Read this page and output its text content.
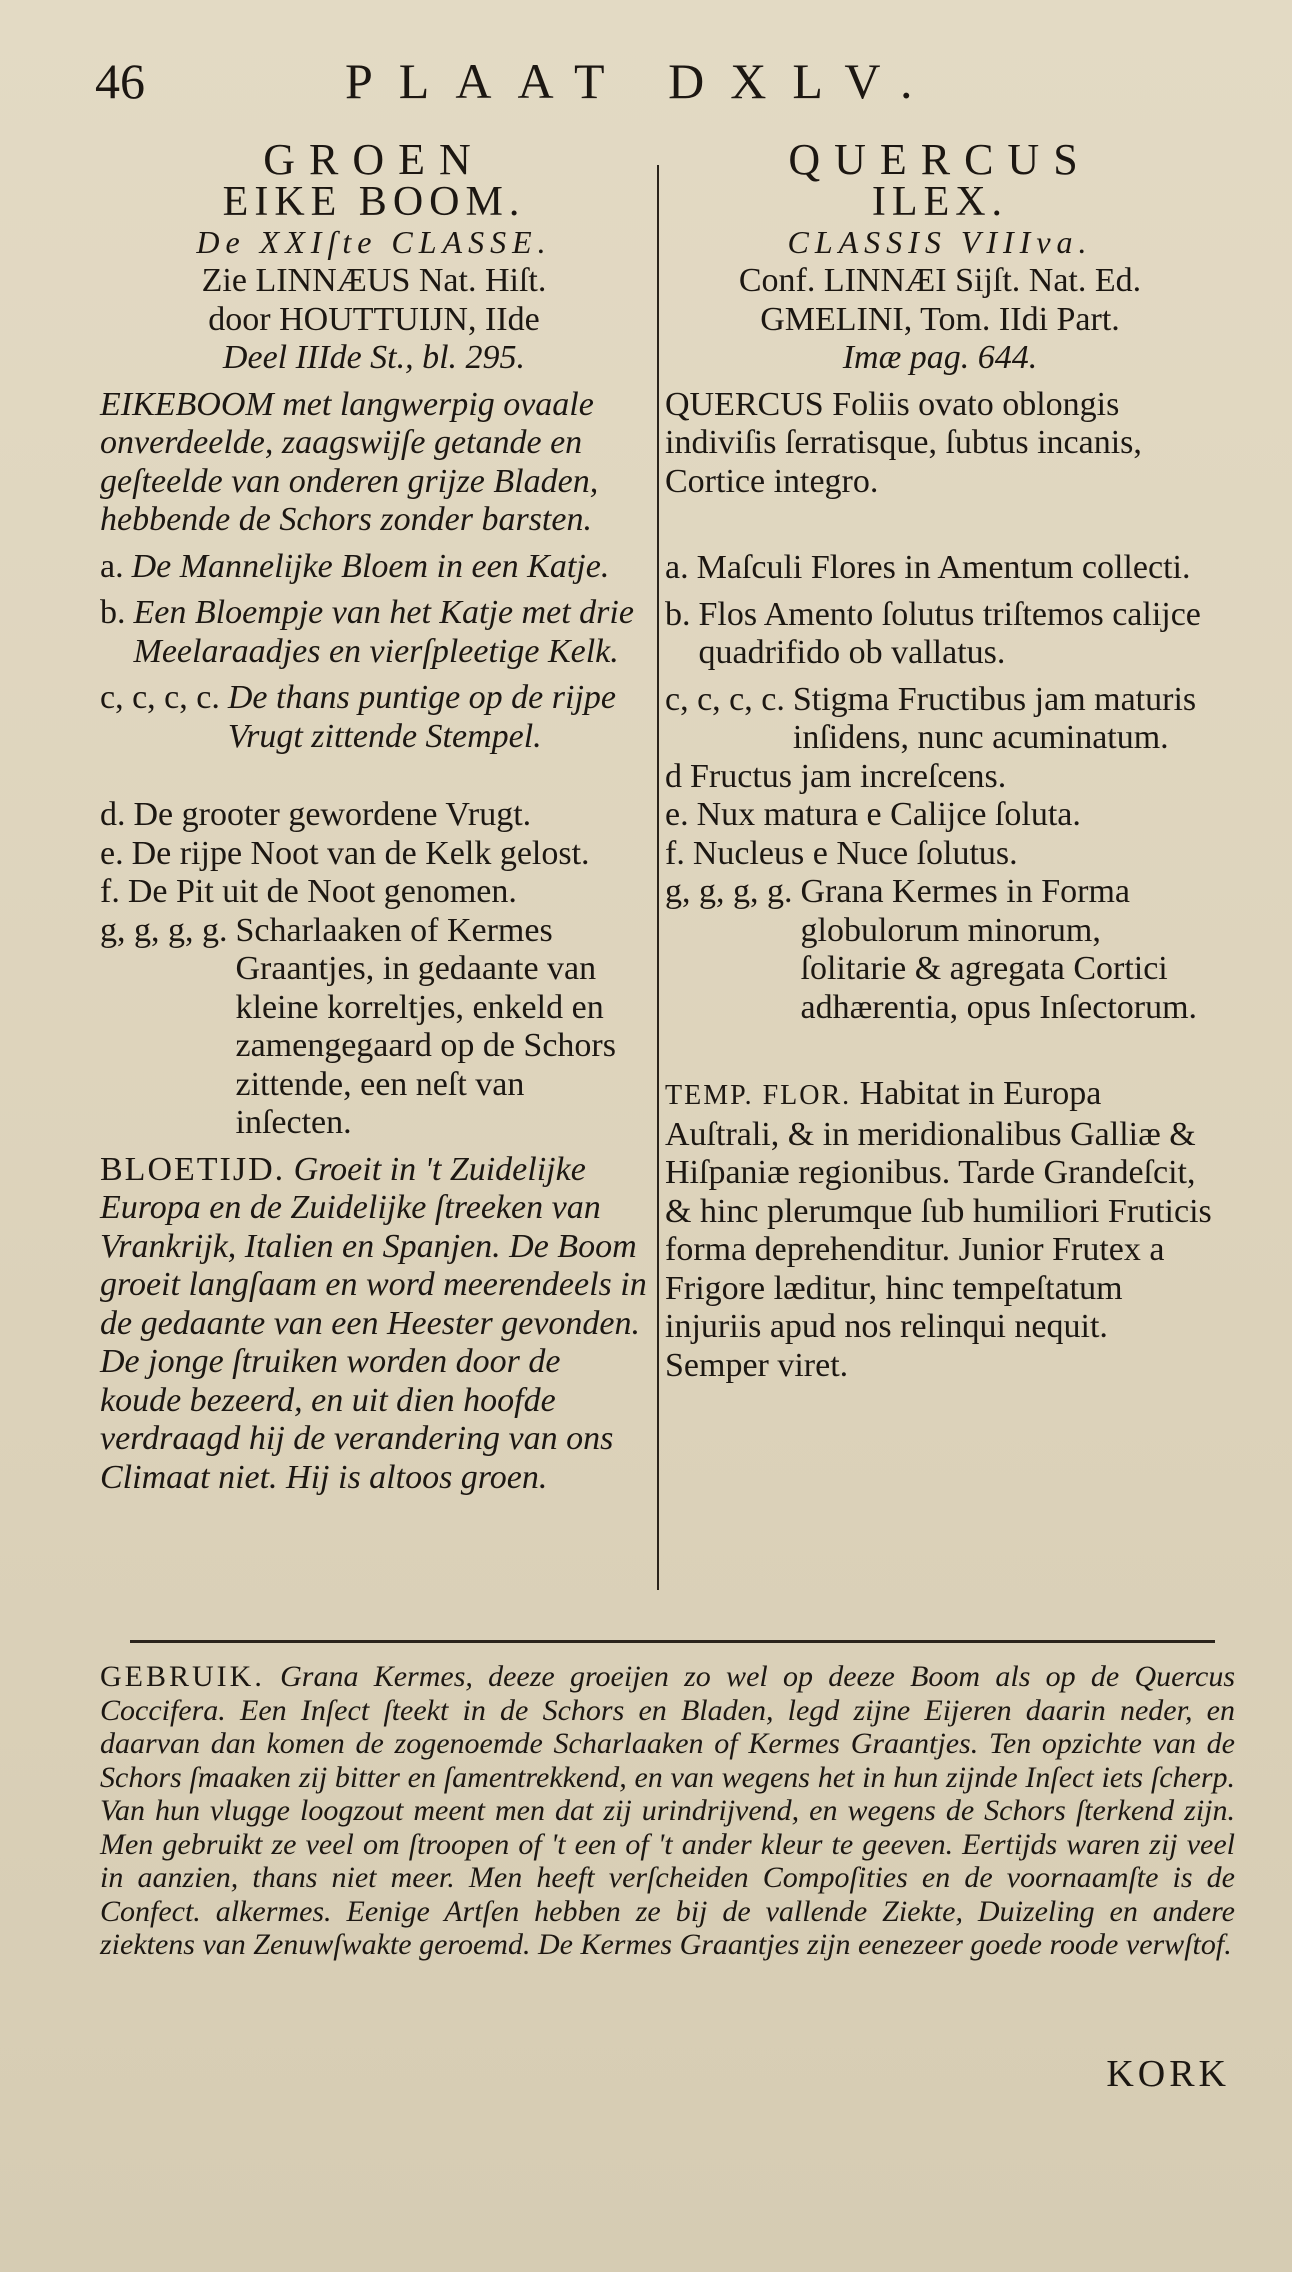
46	PLAAT DXLV.
GROEN
EIKE BOOM.
De XXIſte CLASSE.
Zie LINNÆUS Nat. Hiſt.
door HOUTTUIJN, IIde
Deel IIIde St., bl. 295.
EIKEBOOM met langwerpig ovaale onverdeelde, zaagswijſe getande en geſteelde van onderen grijze Bladen, hebbende de Schors zonder barsten.
a. De Mannelijke Bloem in een Katje.
b. Een Bloempje van het Katje met drie Meelaraadjes en vierſpleetige Kelk.
c, c, c, c. De thans puntige op de rijpe Vrugt zittende Stempel.
d. De grooter gewordene Vrugt.
e. De rijpe Noot van de Kelk gelost.
f. De Pit uit de Noot genomen.
g, g, g, g. Scharlaaken of Kermes Graantjes, in gedaante van kleine korreltjes, enkeld en zamengegaard op de Schors zittende, een neſt van inſecten.
BLOETIJD. Groeit in 't Zuidelijke Europa en de Zuidelijke ſtreeken van Vrankrijk, Italien en Spanjen. De Boom groeit langſaam en word meerendeels in de gedaante van een Heester gevonden. De jonge ſtruiken worden door de koude bezeerd, en uit dien hoofde verdraagd hij de verandering van ons Climaat niet. Hij is altoos groen.
QUERCUS
ILEX.
CLASSIS VIIIva.
Conf. LINNÆI Sijſt. Nat. Ed.
GMELINI, Tom. IIdi Part.
Imæ pag. 644.
QUERCUS Foliis ovato oblongis indiviſis ſerratisque, ſubtus incanis, Cortice integro.
a. Maſculi Flores in Amentum collecti.
b. Flos Amento ſolutus triſtemos calijce quadrifido ob vallatus.
c, c, c, c. Stigma Fructibus jam maturis inſidens, nunc acuminatum.
d Fructus jam increſcens.
e. Nux matura e Calijce ſoluta.
f. Nucleus e Nuce ſolutus.
g, g, g, g. Grana Kermes in Forma globulorum minorum, ſolitarie & agregata Cortici adhærentia, opus Inſectorum.
TEMP. FLOR. Habitat in Europa Auſtrali, & in meridionalibus Galliæ & Hiſpaniæ regionibus. Tarde Grandeſcit, & hinc plerumque ſub humiliori Fruticis forma deprehenditur. Junior Frutex a Frigore læditur, hinc tempeſtatum injuriis apud nos relinqui nequit. Semper viret.
GEBRUIK. Grana Kermes, deeze groeijen zo wel op deeze Boom als op de Quercus Coccifera. Een Inſect ſteekt in de Schors en Bladen, legd zijne Eijeren daarin neder, en daarvan dan komen de zogenoemde Scharlaaken of Kermes Graantjes. Ten opzichte van de Schors ſmaaken zij bitter en ſamentrekkend, en van wegens het in hun zijnde Inſect iets ſcherp. Van hun vlugge loogzout meent men dat zij urindrijvend, en wegens de Schors ſterkend zijn. Men gebruikt ze veel om ſtroopen of 't een of 't ander kleur te geeven. Eertijds waren zij veel in aanzien, thans niet meer. Men heeft verſcheiden Compoſities en de voornaamſte is de Confect. alkermes. Eenige Artſen hebben ze bij de vallende Ziekte, Duizeling en andere ziektens van Zenuwſwakte geroemd. De Kermes Graantjes zijn eenezeer goede roode verwſtof.
KORK
